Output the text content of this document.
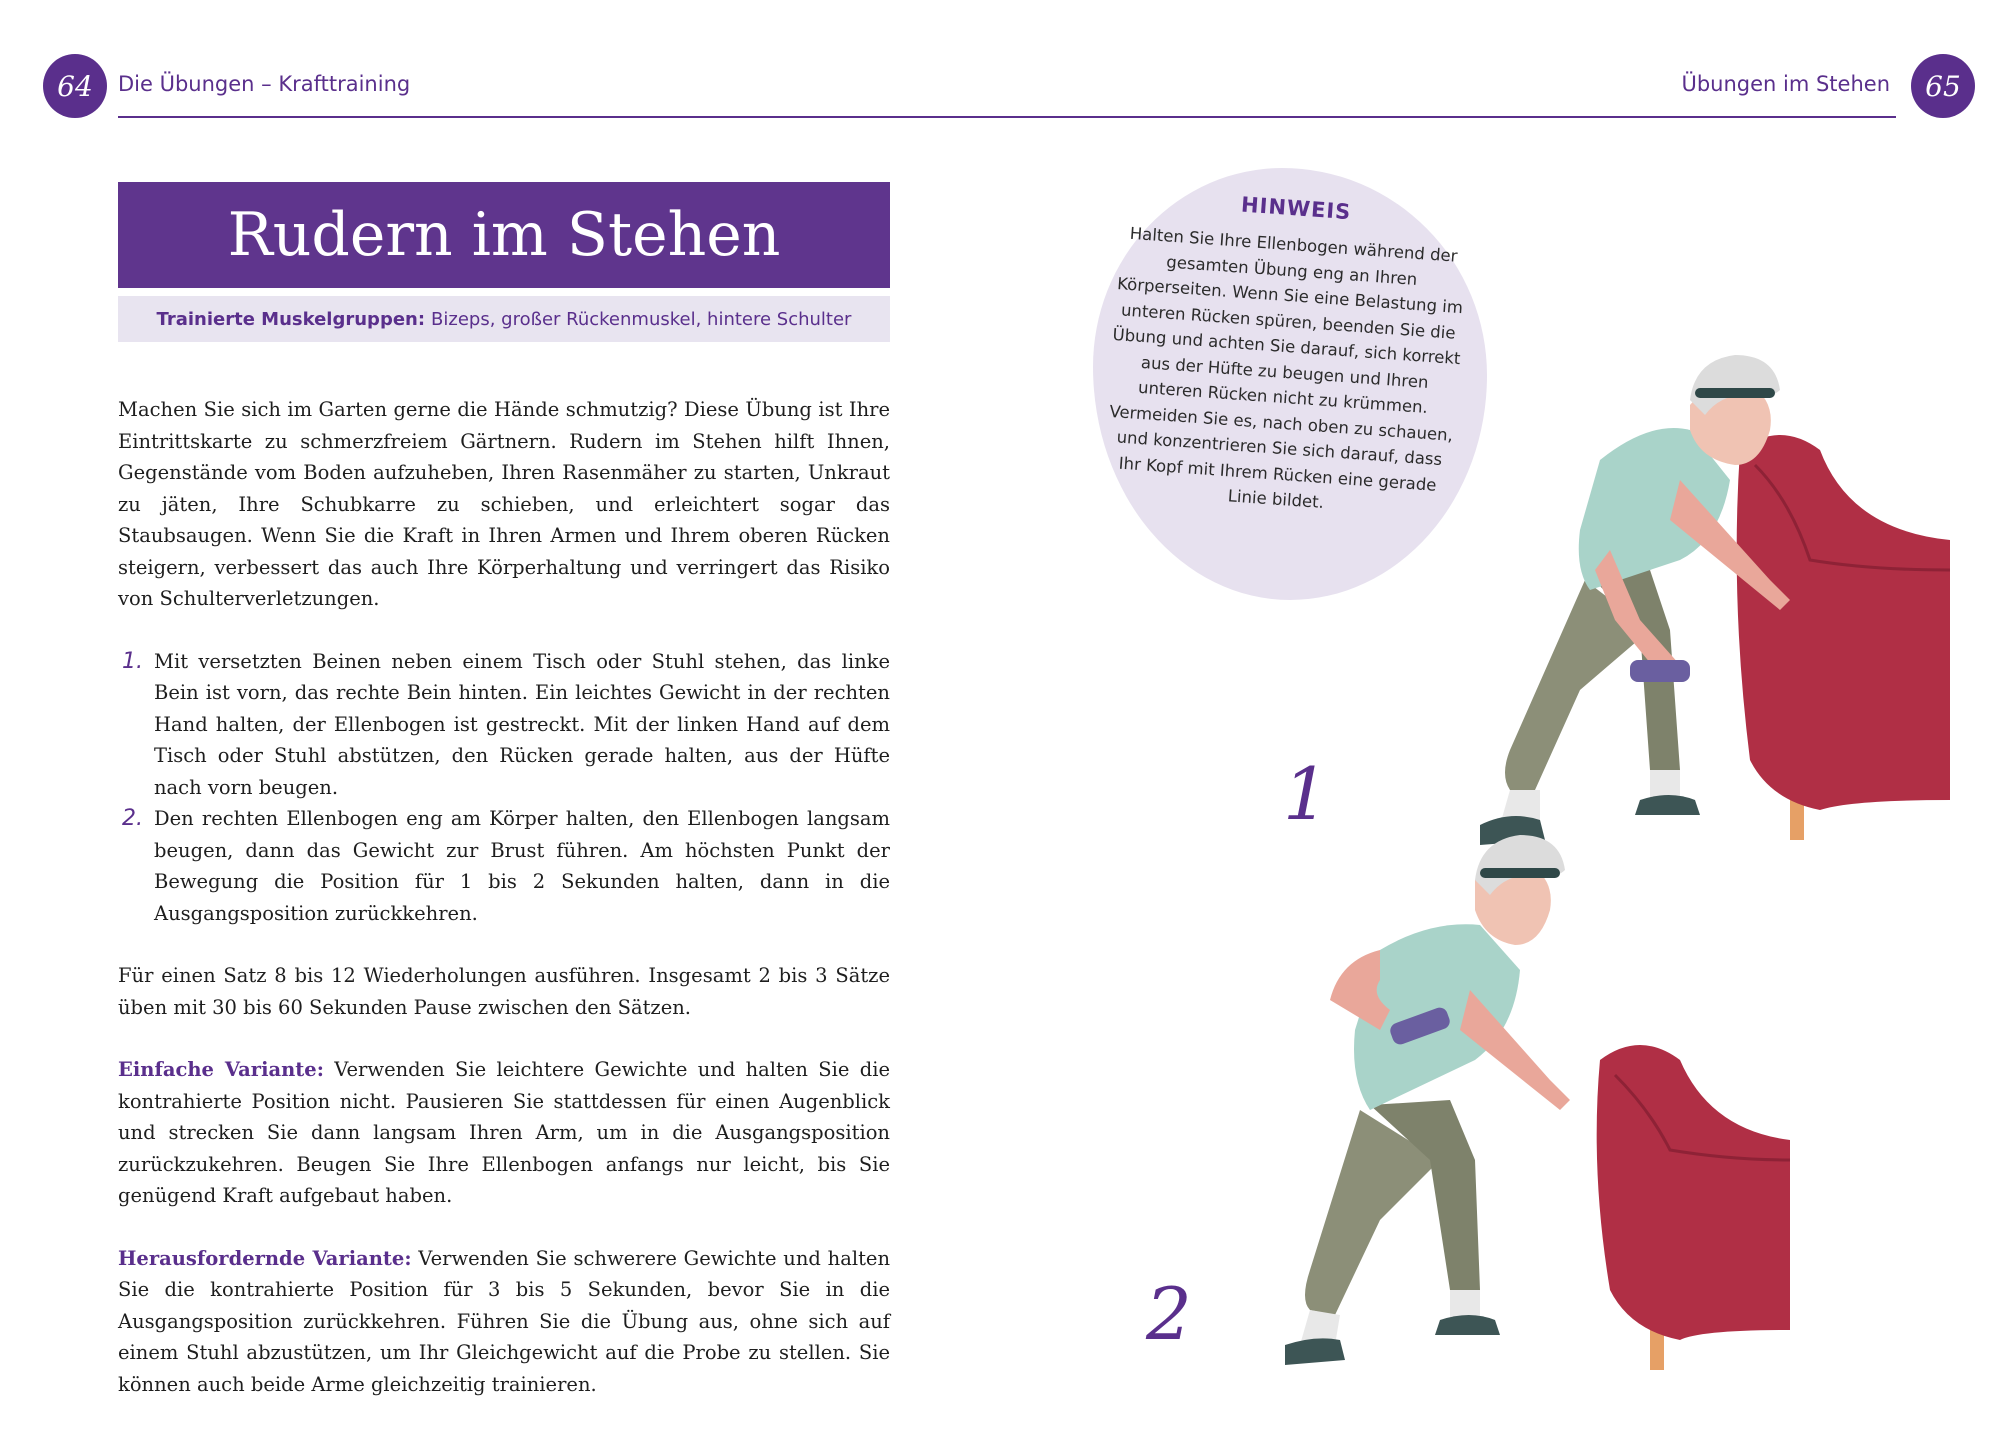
64	Die Übungen – Krafttraining	Übungen im Stehen	65
Rudern im Stehen
Trainierte Muskelgruppen: Bizeps, großer Rückenmuskel, hintere Schulter

Machen Sie sich im Garten gerne die Hände schmutzig? Diese Übung ist Ihre Eintrittskarte zu schmerzfreiem Gärtnern. Rudern im Stehen hilft Ihnen, Gegenstände vom Boden aufzuheben, Ihren Rasenmäher zu starten, Unkraut zu jäten, Ihre Schubkarre zu schieben, und erleichtert sogar das Staubsaugen. Wenn Sie die Kraft in Ihren Armen und Ihrem oberen Rücken steigern, verbessert das auch Ihre Körperhaltung und verringert das Risiko von Schulterverletzungen.

1. Mit versetzten Beinen neben einem Tisch oder Stuhl stehen, das linke Bein ist vorn, das rechte Bein hinten. Ein leichtes Gewicht in der rechten Hand halten, der Ellenbogen ist gestreckt. Mit der linken Hand auf dem Tisch oder Stuhl abstützen, den Rücken gerade halten, aus der Hüfte nach vorn beugen.
2. Den rechten Ellenbogen eng am Körper halten, den Ellenbogen langsam beugen, dann das Gewicht zur Brust führen. Am höchsten Punkt der Bewegung die Position für 1 bis 2 Sekunden halten, dann in die Ausgangsposition zurückkehren.

Für einen Satz 8 bis 12 Wiederholungen ausführen. Insgesamt 2 bis 3 Sätze üben mit 30 bis 60 Sekunden Pause zwischen den Sätzen.

Einfache Variante: Verwenden Sie leichtere Gewichte und halten Sie die kontrahierte Position nicht. Pausieren Sie stattdessen für einen Augenblick und strecken Sie dann langsam Ihren Arm, um in die Ausgangsposition zurückzukehren. Beugen Sie Ihre Ellenbogen anfangs nur leicht, bis Sie genügend Kraft aufgebaut haben.

Herausfordernde Variante: Verwenden Sie schwerere Gewichte und halten Sie die kontrahierte Position für 3 bis 5 Sekunden, bevor Sie in die Ausgangsposition zurückkehren. Führen Sie die Übung aus, ohne sich auf einem Stuhl abzustützen, um Ihr Gleichgewicht auf die Probe zu stellen. Sie können auch beide Arme gleichzeitig trainieren.

HINWEIS
Halten Sie Ihre Ellenbogen während der gesamten Übung eng an Ihren Körperseiten. Wenn Sie eine Belastung im unteren Rücken spüren, beenden Sie die Übung und achten Sie darauf, sich korrekt aus der Hüfte zu beugen und Ihren unteren Rücken nicht zu krümmen. Vermeiden Sie es, nach oben zu schauen, und konzentrieren Sie sich darauf, dass Ihr Kopf mit Ihrem Rücken eine gerade Linie bildet.
1
2
